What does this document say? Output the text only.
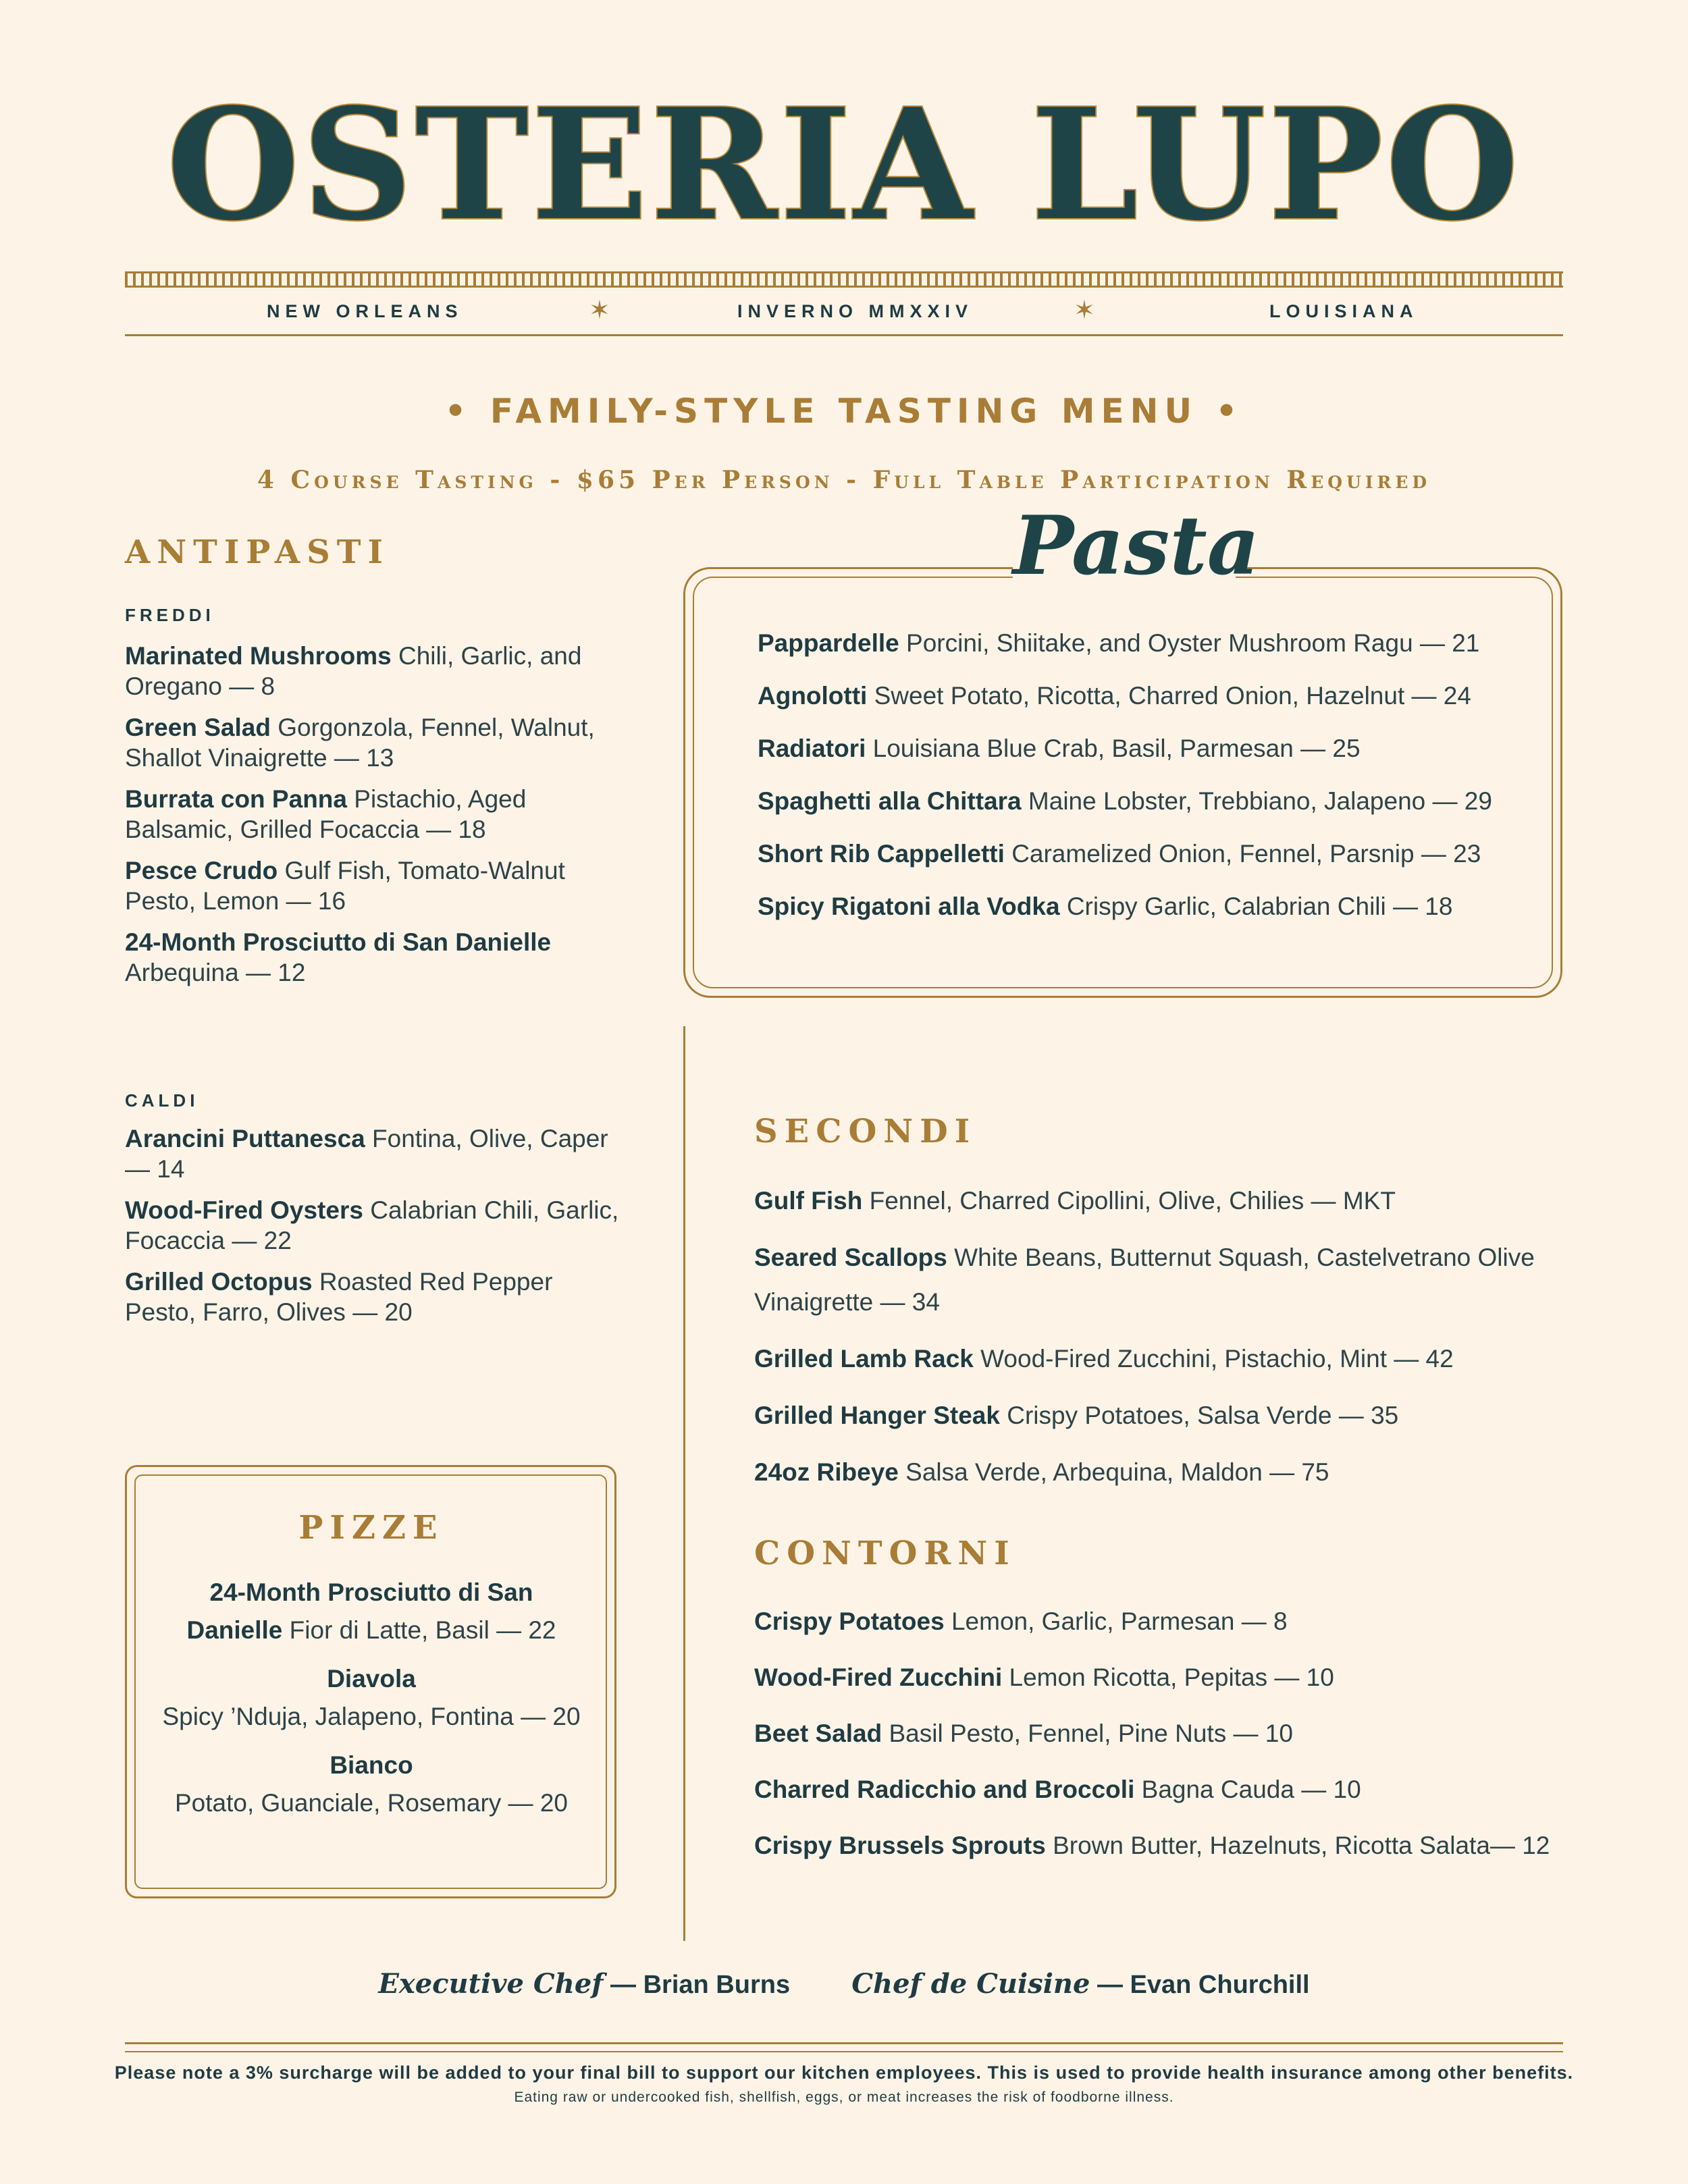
OSTERIA LUPO
NEW ORLEANS	✶	INVERNO MMXXIV	✶	LOUISIANA
• FAMILY-STYLE TASTING MENU •
4 Course Tasting - $65 Per Person - Full Table Participation Required
ANTIPASTI
FREDDI
Marinated Mushrooms Chili, Garlic, and Oregano — 8
Green Salad Gorgonzola, Fennel, Walnut, Shallot Vinaigrette — 13
Burrata con Panna Pistachio, Aged Balsamic, Grilled Focaccia — 18
Pesce Crudo Gulf Fish, Tomato-Walnut Pesto, Lemon — 16
24-Month Prosciutto di San Danielle
Arbequina — 12
CALDI
Arancini Puttanesca Fontina, Olive, Caper — 14
Wood-Fired Oysters Calabrian Chili, Garlic, Focaccia — 22
Grilled Octopus Roasted Red Pepper Pesto, Farro, Olives — 20
Pasta
Pappardelle Porcini, Shiitake, and Oyster Mushroom Ragu — 21
Agnolotti Sweet Potato, Ricotta, Charred Onion, Hazelnut — 24
Radiatori Louisiana Blue Crab, Basil, Parmesan — 25
Spaghetti alla Chittara Maine Lobster, Trebbiano, Jalapeno — 29
Short Rib Cappelletti Caramelized Onion, Fennel, Parsnip — 23
Spicy Rigatoni alla Vodka Crispy Garlic, Calabrian Chili — 18
SECONDI
Gulf Fish Fennel, Charred Cipollini, Olive, Chilies — MKT
Seared Scallops White Beans, Butternut Squash, Castelvetrano Olive Vinaigrette — 34
Grilled Lamb Rack Wood-Fired Zucchini, Pistachio, Mint — 42
Grilled Hanger Steak Crispy Potatoes, Salsa Verde — 35
24oz Ribeye Salsa Verde, Arbequina, Maldon — 75
CONTORNI
Crispy Potatoes Lemon, Garlic, Parmesan — 8
Wood-Fired Zucchini Lemon Ricotta, Pepitas — 10
Beet Salad Basil Pesto, Fennel, Pine Nuts — 10
Charred Radicchio and Broccoli Bagna Cauda — 10
Crispy Brussels Sprouts Brown Butter, Hazelnuts, Ricotta Salata— 12
PIZZE
24-Month Prosciutto di San Danielle Fior di Latte, Basil — 22
Diavola
Spicy ’Nduja, Jalapeno, Fontina — 20
Bianco
Potato, Guanciale, Rosemary — 20
Executive Chef — Brian Burns Chef de Cuisine — Evan Churchill
Please note a 3% surcharge will be added to your final bill to support our kitchen employees. This is used to provide health insurance among other benefits.
Eating raw or undercooked fish, shellfish, eggs, or meat increases the risk of foodborne illness.
